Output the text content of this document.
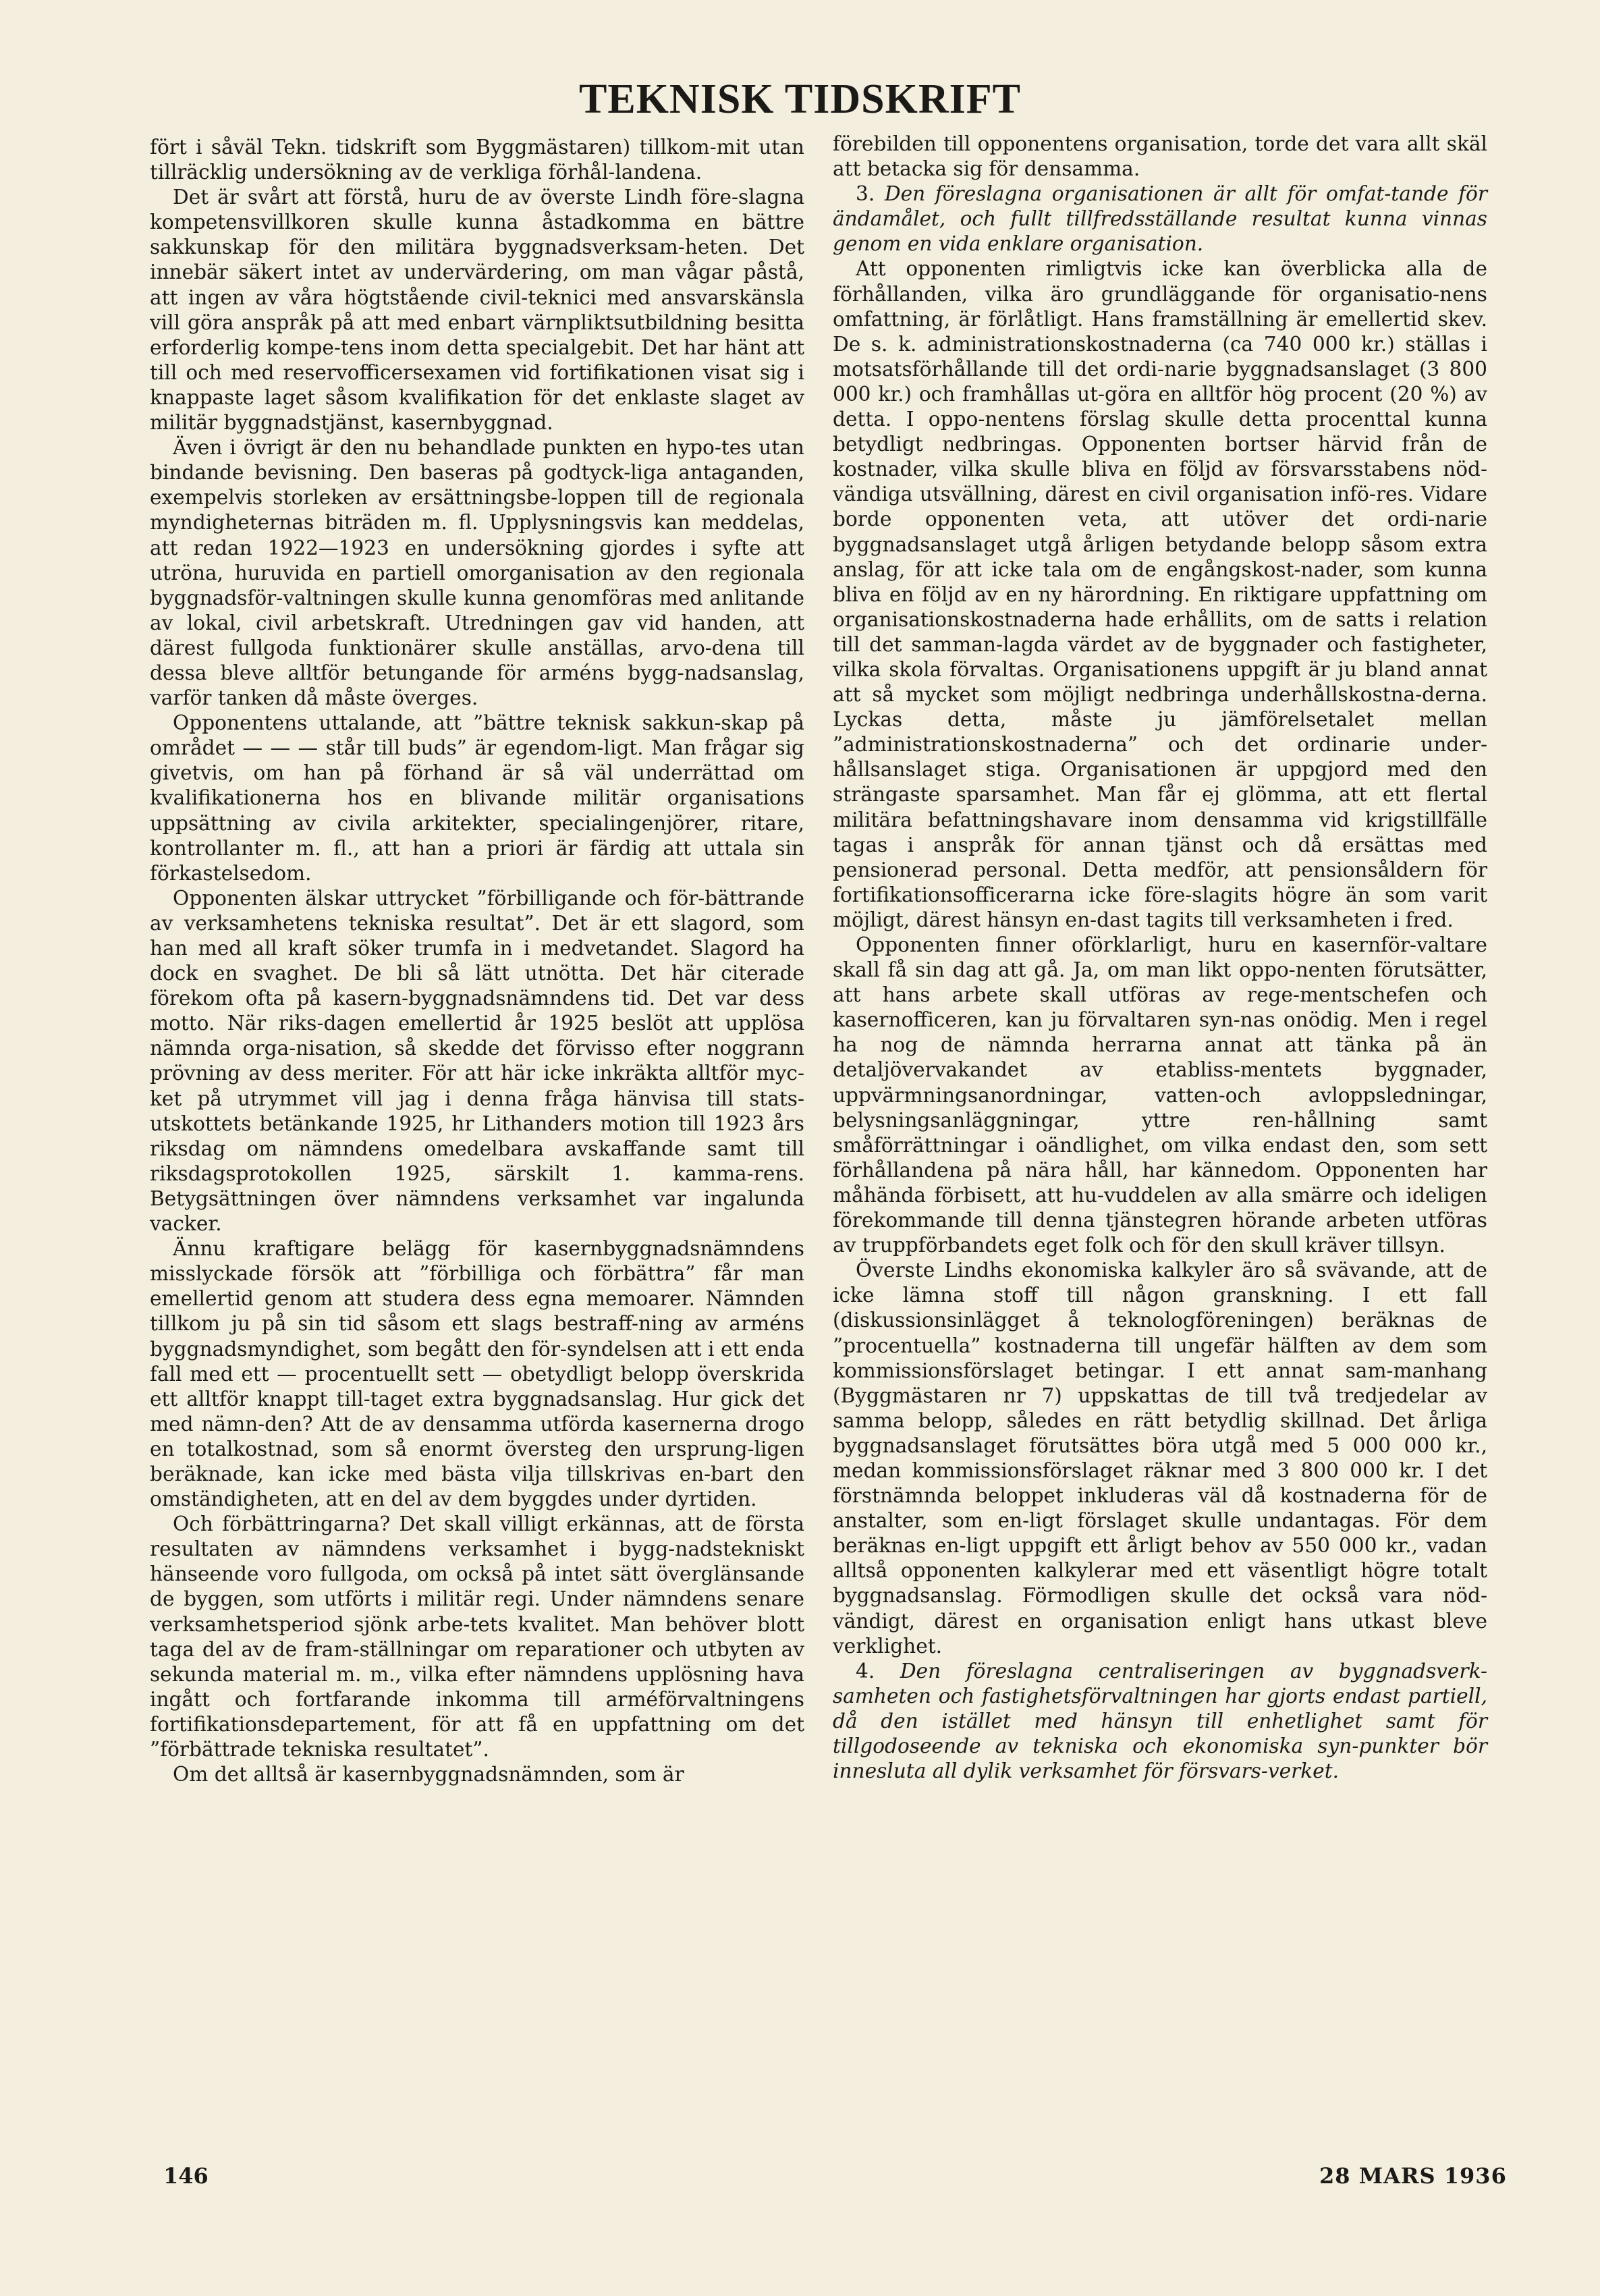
TEKNISK TIDSKRIFT

fört i såväl Tekn. tidskrift som Byggmästaren) tillkom-mit utan tillräcklig undersökning av de verkliga förhål-landena.

Det är svårt att förstå, huru de av överste Lindh före-slagna kompetensvillkoren skulle kunna åstadkomma en bättre sakkunskap för den militära byggnadsverksam-heten. Det innebär säkert intet av undervärdering, om man vågar påstå, att ingen av våra högtstående civil-teknici med ansvarskänsla vill göra anspråk på att med enbart värnpliktsutbildning besitta erforderlig kompe-tens inom detta specialgebit. Det har hänt att till och med reservofficersexamen vid fortifikationen visat sig i knappaste laget såsom kvalifikation för det enklaste slaget av militär byggnadstjänst, kasernbyggnad.

Även i övrigt är den nu behandlade punkten en hypo-tes utan bindande bevisning. Den baseras på godtyck-liga antaganden, exempelvis storleken av ersättningsbe-loppen till de regionala myndigheternas biträden m. fl. Upplysningsvis kan meddelas, att redan 1922—1923 en undersökning gjordes i syfte att utröna, huruvida en partiell omorganisation av den regionala byggnadsför-valtningen skulle kunna genomföras med anlitande av lokal, civil arbetskraft. Utredningen gav vid handen, att därest fullgoda funktionärer skulle anställas, arvo-dena till dessa bleve alltför betungande för arméns bygg-nadsanslag, varför tanken då måste överges.

Opponentens uttalande, att ”bättre teknisk sakkun-skap på området — — — står till buds” är egendom-ligt. Man frågar sig givetvis, om han på förhand är så väl underrättad om kvalifikationerna hos en blivande militär organisations uppsättning av civila arkitekter, specialingenjörer, ritare, kontrollanter m. fl., att han a priori är färdig att uttala sin förkastelsedom.

Opponenten älskar uttrycket ”förbilligande och för-bättrande av verksamhetens tekniska resultat”. Det är ett slagord, som han med all kraft söker trumfa in i medvetandet. Slagord ha dock en svaghet. De bli så lätt utnötta. Det här citerade förekom ofta på kasern-byggnadsnämndens tid. Det var dess motto. När riks-dagen emellertid år 1925 beslöt att upplösa nämnda orga-nisation, så skedde det förvisso efter noggrann prövning av dess meriter. För att här icke inkräkta alltför myc-ket på utrymmet vill jag i denna fråga hänvisa till stats-utskottets betänkande 1925, hr Lithanders motion till 1923 års riksdag om nämndens omedelbara avskaffande samt till riksdagsprotokollen 1925, särskilt 1. kamma-rens. Betygsättningen över nämndens verksamhet var ingalunda vacker.

Ännu kraftigare belägg för kasernbyggnadsnämndens misslyckade försök att ”förbilliga och förbättra” får man emellertid genom att studera dess egna memoarer. Nämnden tillkom ju på sin tid såsom ett slags bestraff-ning av arméns byggnadsmyndighet, som begått den för-syndelsen att i ett enda fall med ett — procentuellt sett — obetydligt belopp överskrida ett alltför knappt till-taget extra byggnadsanslag. Hur gick det med nämn-den? Att de av densamma utförda kasernerna drogo en totalkostnad, som så enormt översteg den ursprung-ligen beräknade, kan icke med bästa vilja tillskrivas en-bart den omständigheten, att en del av dem byggdes under dyrtiden.

Och förbättringarna? Det skall villigt erkännas, att de första resultaten av nämndens verksamhet i bygg-nadstekniskt hänseende voro fullgoda, om också på intet sätt överglänsande de byggen, som utförts i militär regi. Under nämndens senare verksamhetsperiod sjönk arbe-tets kvalitet. Man behöver blott taga del av de fram-ställningar om reparationer och utbyten av sekunda material m. m., vilka efter nämndens upplösning hava ingått och fortfarande inkomma till arméförvaltningens fortifikationsdepartement, för att få en uppfattning om det ”förbättrade tekniska resultatet”.

Om det alltså är kasernbyggnadsnämnden, som är

förebilden till opponentens organisation, torde det vara allt skäl att betacka sig för densamma.

3. Den föreslagna organisationen är allt för omfat-tande för ändamålet, och fullt tillfredsställande resultat kunna vinnas genom en vida enklare organisation.

Att opponenten rimligtvis icke kan överblicka alla de förhållanden, vilka äro grundläggande för organisatio-nens omfattning, är förlåtligt. Hans framställning är emellertid skev. De s. k. administrationskostnaderna (ca 740 000 kr.) ställas i motsatsförhållande till det ordi-narie byggnadsanslaget (3 800 000 kr.) och framhållas ut-göra en alltför hög procent (20 %) av detta. I oppo-nentens förslag skulle detta procenttal kunna betydligt nedbringas. Opponenten bortser härvid från de kostnader, vilka skulle bliva en följd av försvarsstabens nöd-vändiga utsvällning, därest en civil organisation infö-res. Vidare borde opponenten veta, att utöver det ordi-narie byggnadsanslaget utgå årligen betydande belopp såsom extra anslag, för att icke tala om de engångskost-nader, som kunna bliva en följd av en ny härordning. En riktigare uppfattning om organisationskostnaderna hade erhållits, om de satts i relation till det samman-lagda värdet av de byggnader och fastigheter, vilka skola förvaltas. Organisationens uppgift är ju bland annat att så mycket som möjligt nedbringa underhållskostna-derna. Lyckas detta, måste ju jämförelsetalet mellan ”administrationskostnaderna” och det ordinarie under-hållsanslaget stiga. Organisationen är uppgjord med den strängaste sparsamhet. Man får ej glömma, att ett flertal militära befattningshavare inom densamma vid krigstillfälle tagas i anspråk för annan tjänst och då ersättas med pensionerad personal. Detta medför, att pensionsåldern för fortifikationsofficerarna icke före-slagits högre än som varit möjligt, därest hänsyn en-dast tagits till verksamheten i fred.

Opponenten finner oförklarligt, huru en kasernför-valtare skall få sin dag att gå. Ja, om man likt oppo-nenten förutsätter, att hans arbete skall utföras av rege-mentschefen och kasernofficeren, kan ju förvaltaren syn-nas onödig. Men i regel ha nog de nämnda herrarna annat att tänka på än detaljövervakandet av etabliss-mentets byggnader, uppvärmningsanordningar, vatten-och avloppsledningar, belysningsanläggningar, yttre ren-hållning samt småförrättningar i oändlighet, om vilka endast den, som sett förhållandena på nära håll, har kännedom. Opponenten har måhända förbisett, att hu-vuddelen av alla smärre och ideligen förekommande till denna tjänstegren hörande arbeten utföras av truppförbandets eget folk och för den skull kräver tillsyn.

Överste Lindhs ekonomiska kalkyler äro så svävande, att de icke lämna stoff till någon granskning. I ett fall (diskussionsinlägget å teknologföreningen) beräknas de ”procentuella” kostnaderna till ungefär hälften av dem som kommissionsförslaget betingar. I ett annat sam-manhang (Byggmästaren nr 7) uppskattas de till två tredjedelar av samma belopp, således en rätt betydlig skillnad. Det årliga byggnadsanslaget förutsättes böra utgå med 5 000 000 kr., medan kommissionsförslaget räknar med 3 800 000 kr. I det förstnämnda beloppet inkluderas väl då kostnaderna för de anstalter, som en-ligt förslaget skulle undantagas. För dem beräknas en-ligt uppgift ett årligt behov av 550 000 kr., vadan alltså opponenten kalkylerar med ett väsentligt högre totalt byggnadsanslag. Förmodligen skulle det också vara nöd-vändigt, därest en organisation enligt hans utkast bleve verklighet.

4. Den föreslagna centraliseringen av byggnadsverk-samheten och fastighetsförvaltningen har gjorts endast partiell, då den istället med hänsyn till enhetlighet samt för tillgodoseende av tekniska och ekonomiska syn-punkter bör inneslutа all dylik verksamhet för försvars-verket.

146	28 MARS 1936
